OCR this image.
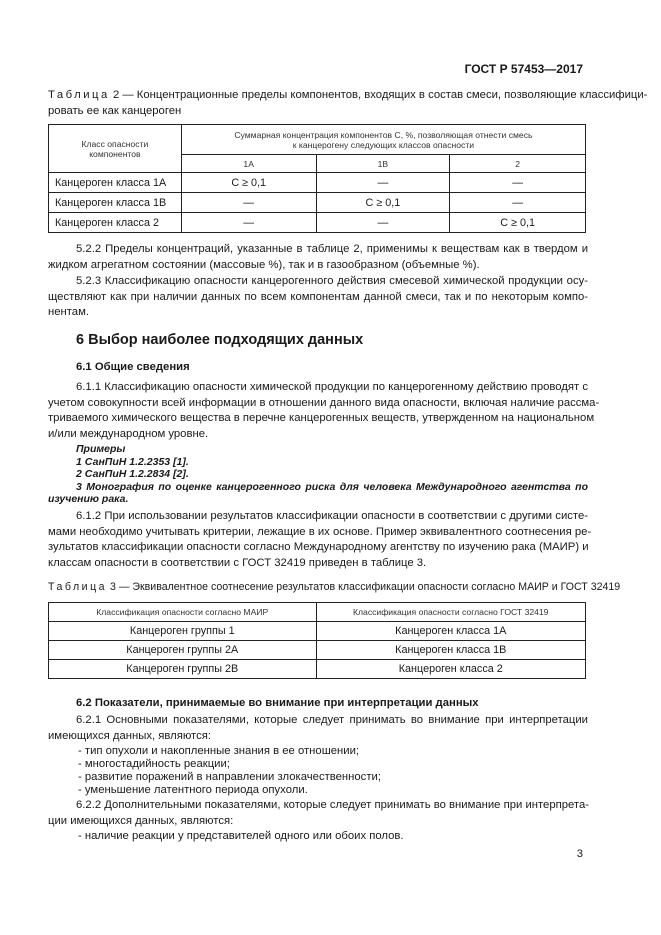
ГОСТ Р 57453—2017
Таблица 2 — Концентрационные пределы компонентов, входящих в состав смеси, позволяющие классифици-
ровать ее как канцероген
Класс опасности компонентов	Суммарная концентрация компонентов C, %, позволяющая отнести смесь
к канцерогену следующих классов опасности		

	1А	1В	2
Канцероген класса 1А	C ≥ 0,1	—	—
Канцероген класса 1В	—	C ≥ 0,1	—
Канцероген класса 2	—	—	C ≥ 0,1
5.2.2 Пределы концентраций, указанные в таблице 2, применимы к веществам как в твердом и
жидком агрегатном состоянии (массовые %), так и в газообразном (объемные %).
5.2.3 Классификацию опасности канцерогенного действия смесевой химической продукции осу-
ществляют как при наличии данных по всем компонентам данной смеси, так и по некоторым компо-
нентам.
6 Выбор наиболее подходящих данных
6.1 Общие сведения
6.1.1 Классификацию опасности химической продукции по канцерогенному действию проводят с
учетом совокупности всей информации в отношении данного вида опасности, включая наличие рассма-
триваемого химического вещества в перечне канцерогенных веществ, утвержденном на национальном
и/или международном уровне.
Примеры
1 СанПиН 1.2.2353 [1].
2 СанПиН 1.2.2834 [2].
3 Монография по оценке канцерогенного риска для человека Международного агентства по
изучению рака.
6.1.2 При использовании результатов классификации опасности в соответствии с другими систе-
мами необходимо учитывать критерии, лежащие в их основе. Пример эквивалентного соотнесения ре-
зультатов классификации опасности согласно Международному агентству по изучению рака (МАИР) и
классам опасности в соответствии с ГОСТ 32419 приведен в таблице 3.
Таблица 3 — Эквивалентное соотнесение результатов классификации опасности согласно МАИР и ГОСТ 32419
Классификация опасности согласно МАИР	Классификация опасности согласно ГОСТ 32419
Канцероген группы 1	Канцероген класса 1А
Канцероген группы 2А	Канцероген класса 1В
Канцероген группы 2В	Канцероген класса 2
6.2 Показатели, принимаемые во внимание при интерпретации данных
6.2.1 Основными показателями, которые следует принимать во внимание при интерпретации
имеющихся данных, являются:
- тип опухоли и накопленные знания в ее отношении;
- многостадийность реакции;
- развитие поражений в направлении злокачественности;
- уменьшение латентного периода опухоли.
6.2.2 Дополнительными показателями, которые следует принимать во внимание при интерпрета-
ции имеющихся данных, являются:
- наличие реакции у представителей одного или обоих полов.
3
